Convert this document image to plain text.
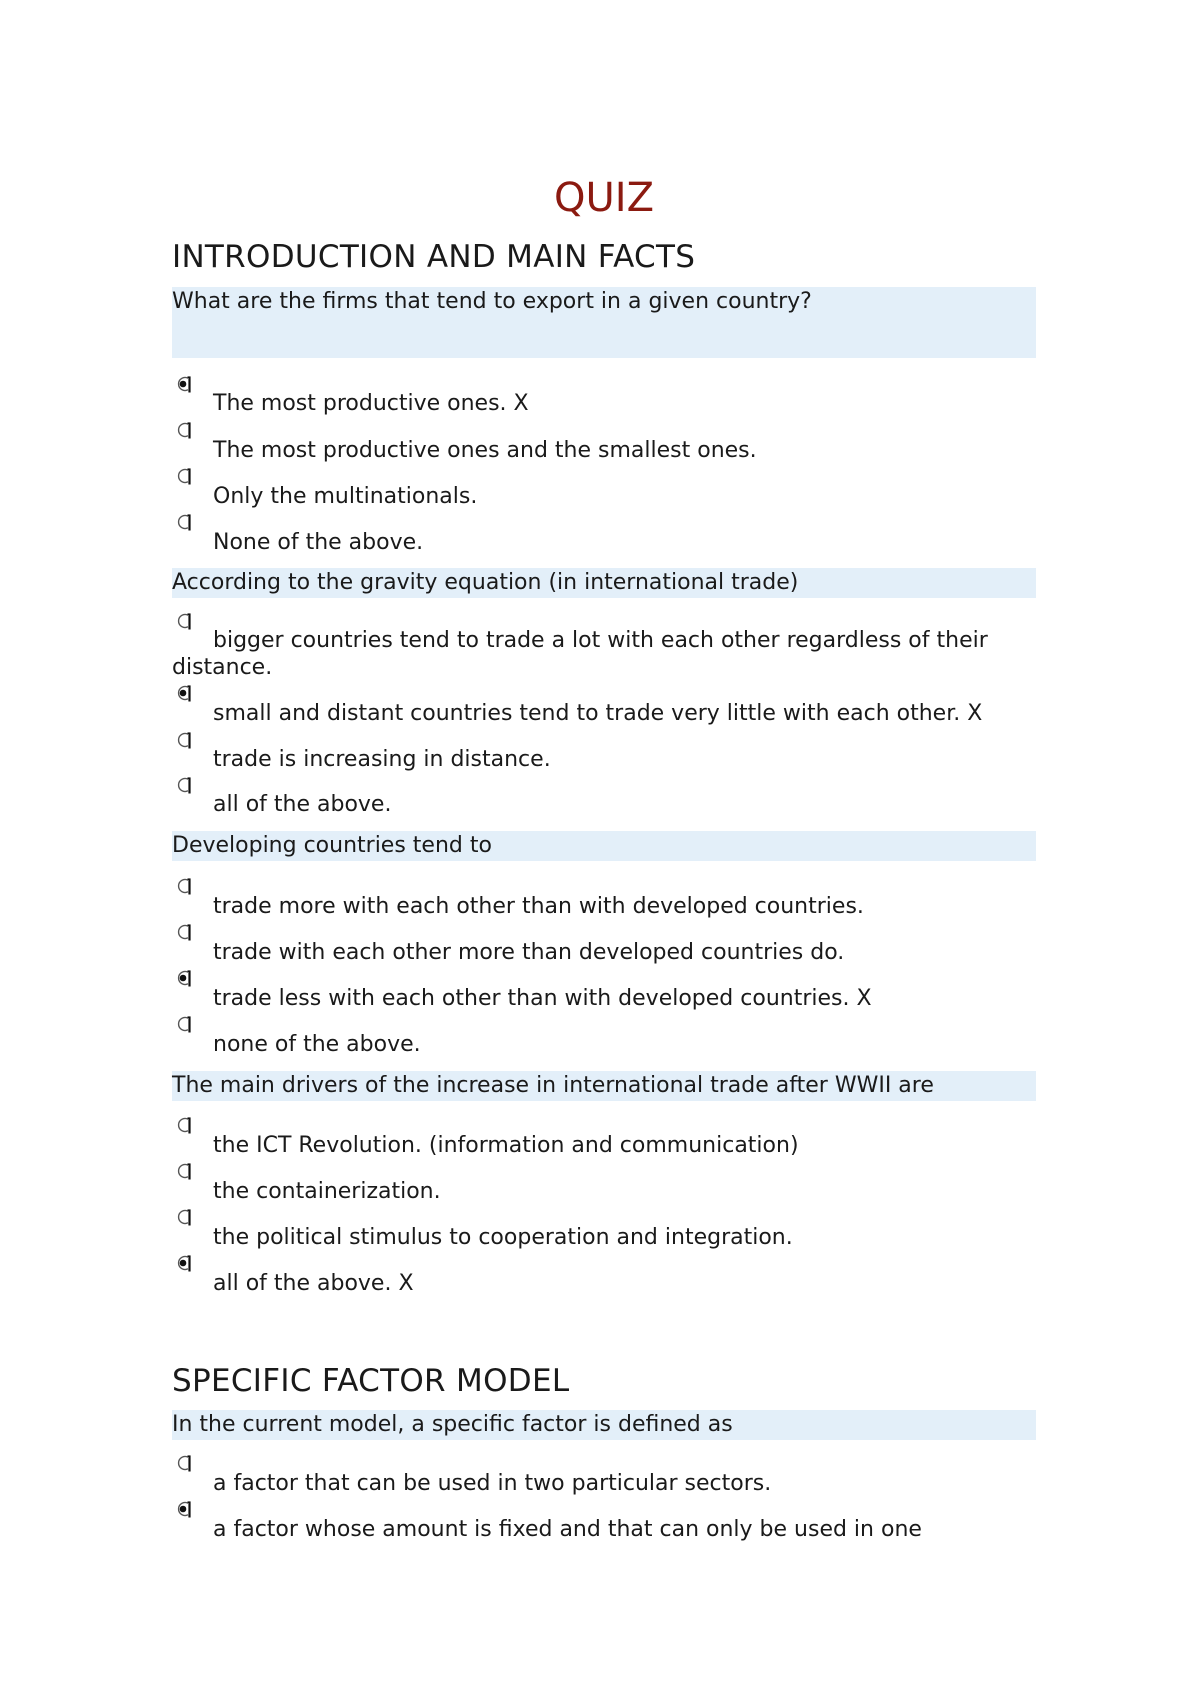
QUIZ
INTRODUCTION AND MAIN FACTS
What are the firms that tend to export in a given country?
The most productive ones. X
The most productive ones and the smallest ones.
Only the multinationals.
None of the above.
According to the gravity equation (in international trade)
bigger countries tend to trade a lot with each other regardless of their distance.
small and distant countries tend to trade very little with each other. X
trade is increasing in distance.
all of the above.
Developing countries tend to
trade more with each other than with developed countries.
trade with each other more than developed countries do.
trade less with each other than with developed countries. X
none of the above.
The main drivers of the increase in international trade after WWII are
the ICT Revolution. (information and communication)
the containerization.
the political stimulus to cooperation and integration.
all of the above. X
SPECIFIC FACTOR MODEL
In the current model, a specific factor is defined as
a factor that can be used in two particular sectors.
a factor whose amount is fixed and that can only be used in one
